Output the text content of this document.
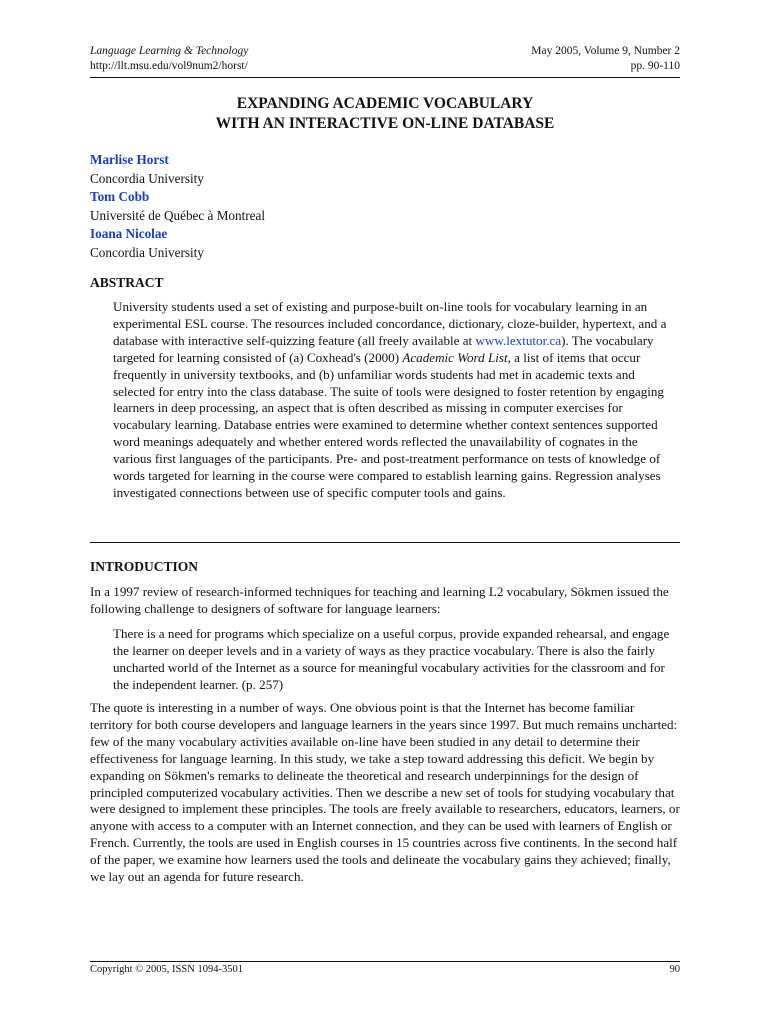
Language Learning & Technology	May 2005, Volume 9, Number 2
http://llt.msu.edu/vol9num2/horst/	pp. 90-110
EXPANDING ACADEMIC VOCABULARY
WITH AN INTERACTIVE ON-LINE DATABASE
Marlise Horst
Concordia University
Tom Cobb
Université de Québec à Montreal
Ioana Nicolae
Concordia University
ABSTRACT

University students used a set of existing and purpose-built on-line tools for vocabulary learning in an experimental ESL course. The resources included concordance, dictionary, cloze-builder, hypertext, and a database with interactive self-quizzing feature (all freely available at www.lextutor.ca). The vocabulary targeted for learning consisted of (a) Coxhead's (2000) Academic Word List, a list of items that occur frequently in university textbooks, and (b) unfamiliar words students had met in academic texts and selected for entry into the class database. The suite of tools were designed to foster retention by engaging learners in deep processing, an aspect that is often described as missing in computer exercises for vocabulary learning. Database entries were examined to determine whether context sentences supported word meanings adequately and whether entered words reflected the unavailability of cognates in the various first languages of the participants. Pre- and post-treatment performance on tests of knowledge of words targeted for learning in the course were compared to establish learning gains. Regression analyses investigated connections between use of specific computer tools and gains.

INTRODUCTION

In a 1997 review of research-informed techniques for teaching and learning L2 vocabulary, Sökmen issued the following challenge to designers of software for language learners:

There is a need for programs which specialize on a useful corpus, provide expanded rehearsal, and engage the learner on deeper levels and in a variety of ways as they practice vocabulary. There is also the fairly uncharted world of the Internet as a source for meaningful vocabulary activities for the classroom and for the independent learner. (p. 257)

The quote is interesting in a number of ways. One obvious point is that the Internet has become familiar territory for both course developers and language learners in the years since 1997. But much remains uncharted: few of the many vocabulary activities available on-line have been studied in any detail to determine their effectiveness for language learning. In this study, we take a step toward addressing this deficit. We begin by expanding on Sökmen's remarks to delineate the theoretical and research underpinnings for the design of principled computerized vocabulary activities. Then we describe a new set of tools for studying vocabulary that were designed to implement these principles. The tools are freely available to researchers, educators, learners, or anyone with access to a computer with an Internet connection, and they can be used with learners of English or French. Currently, the tools are used in English courses in 15 countries across five continents. In the second half of the paper, we examine how learners used the tools and delineate the vocabulary gains they achieved; finally, we lay out an agenda for future research.

Copyright © 2005, ISSN 1094-3501	90
